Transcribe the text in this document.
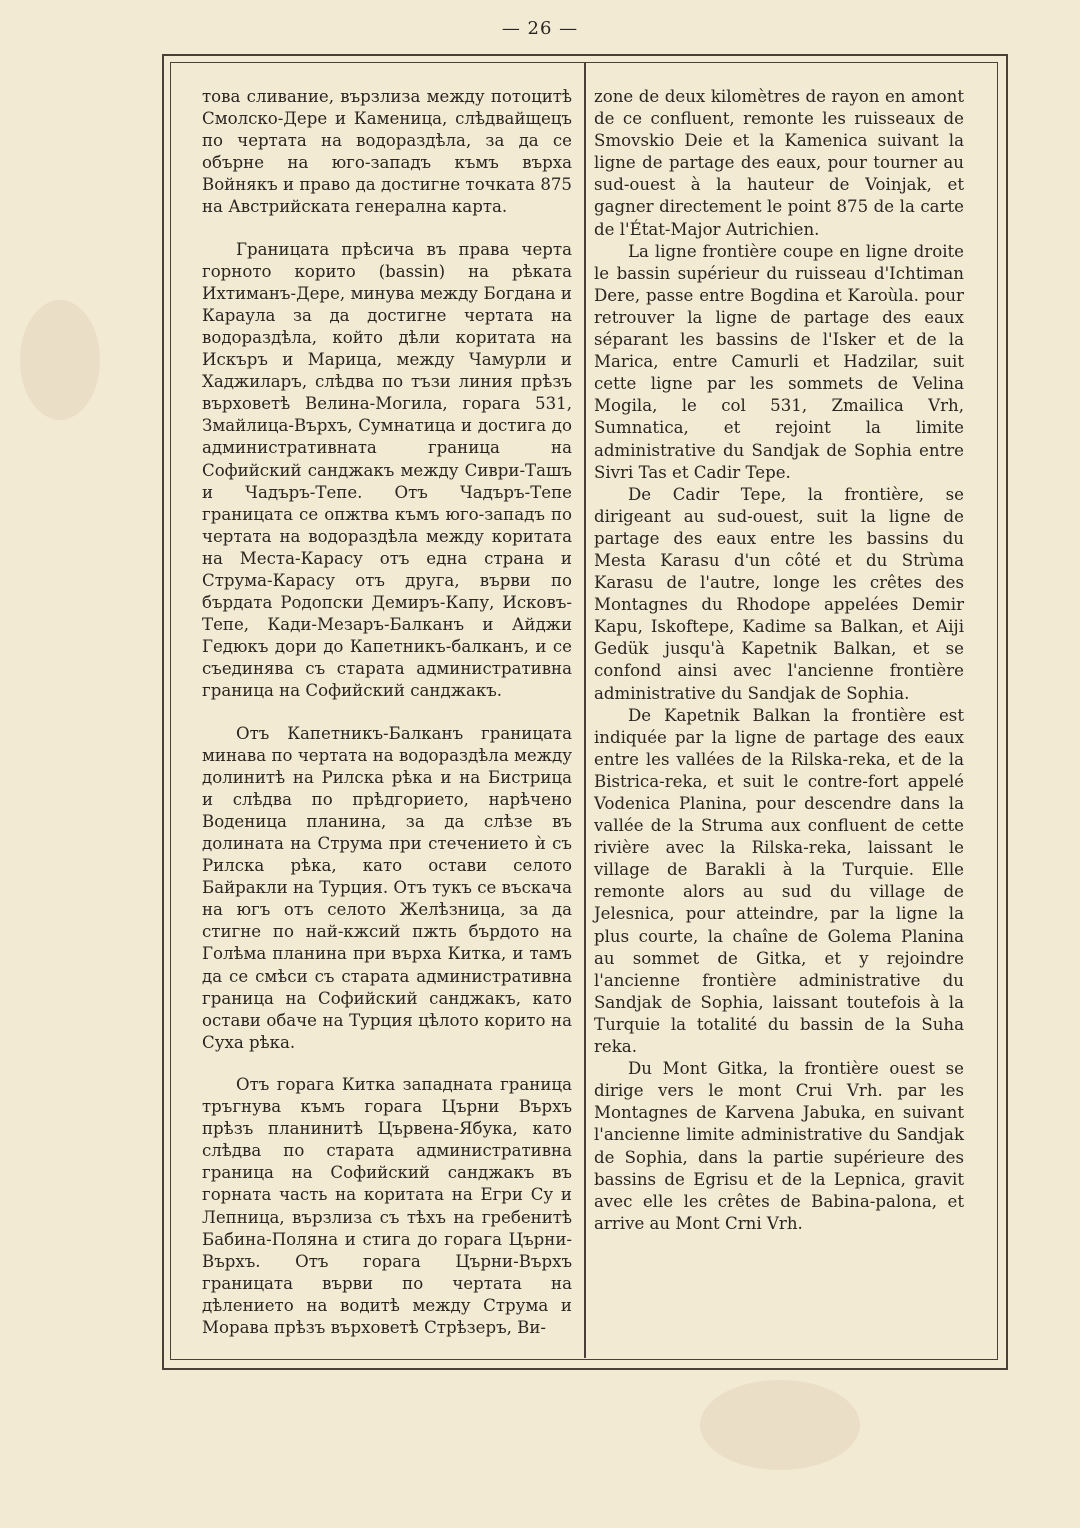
— 26 —

това сливание, вързлиза между потоцитѣ Смолско-Дере и Каменица, слѣдвайщецъ по чертата на водораздѣла, за да се обърне на юго-западъ къмъ върха Войнякъ и право да достигне точката 875 на Австрийската генерална карта.

Границата прѣсича въ права черта горното корито (bassin) на рѣката Ихтиманъ-Дере, минува между Богдана и Караула за да достигне чертата на водораздѣла, който дѣли коритата на Искъръ и Марица, между Чамурли и Хаджиларъ, слѣдва по тъзи линия прѣзъ върховетѣ Велина-Могила, горага 531, Змайлица-Върхъ, Сумнатица и достига до административната граница на Софийский санджакъ между Сиври-Ташъ и Чадъръ-Тепе. Отъ Чадъръ-Тепе границата се опжтва къмъ юго-западъ по чертата на водораздѣла между коритата на Места-Карасу отъ една страна и Струма-Карасу отъ друга, върви по бърдата Родопски Демиръ-Капу, Исковъ-Тепе, Кади-Мезаръ-Балканъ и Айджи Гедюкъ дори до Капетникъ-балканъ, и се съединява съ старата административна граница на Софийский санджакъ.

Отъ Капетникъ-Балканъ границата минава по чертата на водораздѣла между долинитѣ на Рилска рѣка и на Бистрица и слѣдва по прѣдгорието, нарѣчено Воденица планина, за да слѣзе въ долината на Струма при стечението ѝ съ Рилска рѣка, като остави селото Байракли на Турция. Отъ тукъ се въскача на югъ отъ селото Желѣзница, за да стигне по най-кжсий пжть бърдото на Голѣма планина при върха Китка, и тамъ да се смѣси съ старата административна граница на Софийский санджакъ, като остави обаче на Турция цѣлото корито на Суха рѣка.

Отъ горага Китка западната граница тръгнува къмъ горага Църни Върхъ прѣзъ планинитѣ Цървена-Ябука, като слѣдва по старата административна граница на Софийский санджакъ въ горната часть на коритата на Егри Су и Лепница, вързлиза съ тѣхъ на гребенитѣ Бабина-Поляна и стига до горага Църни-Върхъ. Отъ горага Църни-Върхъ границата върви по чертата на дѣлението на водитѣ между Струма и Морава прѣзъ върховетѣ Стрѣзеръ, Ви-

zone de deux kilomètres de rayon en amont de ce confluent, remonte les ruisseaux de Smovskio Deie et la Kamenica suivant la ligne de partage des eaux, pour tourner au sud-ouest à la hauteur de Voinjak, et gagner directement le point 875 de la carte de l'État-Major Autrichien.

La ligne frontière coupe en ligne droite le bassin supérieur du ruisseau d'Ichtiman Dere, passe entre Bogdina et Karoùla. pour retrouver la ligne de partage des eaux séparant les bassins de l'Isker et de la Marica, entre Camurli et Hadzilar, suit cette ligne par les sommets de Velina Mogila, le col 531, Zmailica Vrh, Sumnatica, et rejoint la limite administrative du Sandjak de Sophia entre Sivri Tas et Cadir Tepe.

De Cadir Tepe, la frontière, se dirigeant au sud-ouest, suit la ligne de partage des eaux entre les bassins du Mesta Karasu d'un côté et du Strùma Karasu de l'autre, longe les crêtes des Montagnes du Rhodope appelées Demir Kapu, Iskoftepe, Kadime sa Balkan, et Aiji Gedük jusqu'à Kapetnik Balkan, et se confond ainsi avec l'ancienne frontière administrative du Sandjak de Sophia.

De Kapetnik Balkan la frontière est indiquée par la ligne de partage des eaux entre les vallées de la Rilska-reka, et de la Bistrica-reka, et suit le contre-fort appelé Vodenica Planina, pour descendre dans la vallée de la Struma aux confluent de cette rivière avec la Rilska-reka, laissant le village de Barakli à la Turquie. Elle remonte alors au sud du village de Jelesnica, pour atteindre, par la ligne la plus courte, la chaîne de Golema Planina au sommet de Gitka, et y rejoindre l'ancienne frontière administrative du Sandjak de Sophia, laissant toutefois à la Turquie la totalité du bassin de la Suha reka.

Du Mont Gitka, la frontière ouest se dirige vers le mont Crui Vrh. par les Montagnes de Karvena Jabuka, en suivant l'ancienne limite administrative du Sandjak de Sophia, dans la partie supérieure des bassins de Egrisu et de la Lepnica, gravit avec elle les crêtes de Babina-palona, et arrive au Mont Crni Vrh.
